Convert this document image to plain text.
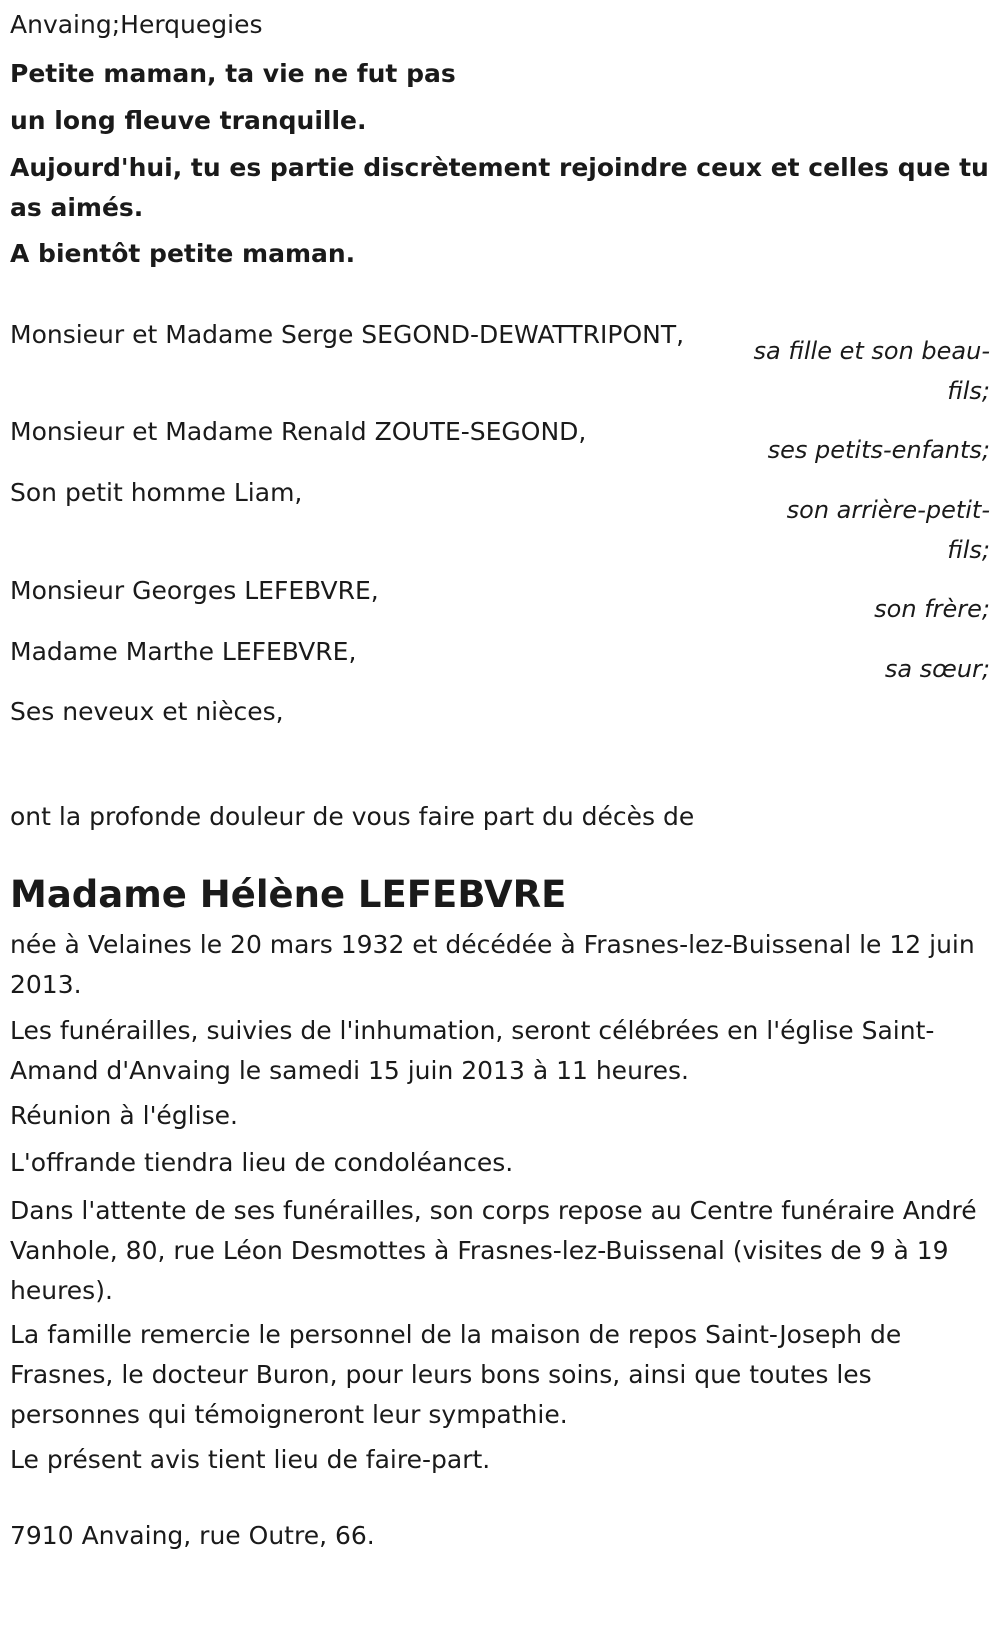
Anvaing;Herquegies
Petite maman, ta vie ne fut pas
un long fleuve tranquille.
Aujourd'hui, tu es partie discrètement rejoindre ceux et celles que tu as aimés.
A bientôt petite maman.
Monsieur et Madame Serge SEGOND-DEWATTRIPONT,
sa fille et son beau-fils;
Monsieur et Madame Renald ZOUTE-SEGOND,
ses petits-enfants;
Son petit homme Liam,
son arrière-petit-fils;
Monsieur Georges LEFEBVRE,
son frère;
Madame Marthe LEFEBVRE,
sa sœur;
Ses neveux et nièces,
ont la profonde douleur de vous faire part du décès de
Madame Hélène LEFEBVRE
née à Velaines le 20 mars 1932 et décédée à Frasnes-lez-Buissenal le 12 juin 2013.
Les funérailles, suivies de l'inhumation, seront célébrées en l'église Saint-Amand d'Anvaing le samedi 15 juin 2013 à 11 heures.
Réunion à l'église.
L'offrande tiendra lieu de condoléances.
Dans l'attente de ses funérailles, son corps repose au Centre funéraire André Vanhole, 80, rue Léon Desmottes à Frasnes-lez-Buissenal (visites de 9 à 19 heures).
La famille remercie le personnel de la maison de repos Saint-Joseph de Frasnes, le docteur Buron, pour leurs bons soins, ainsi que toutes les personnes qui témoigneront leur sympathie.
Le présent avis tient lieu de faire-part.
7910 Anvaing, rue Outre, 66.
